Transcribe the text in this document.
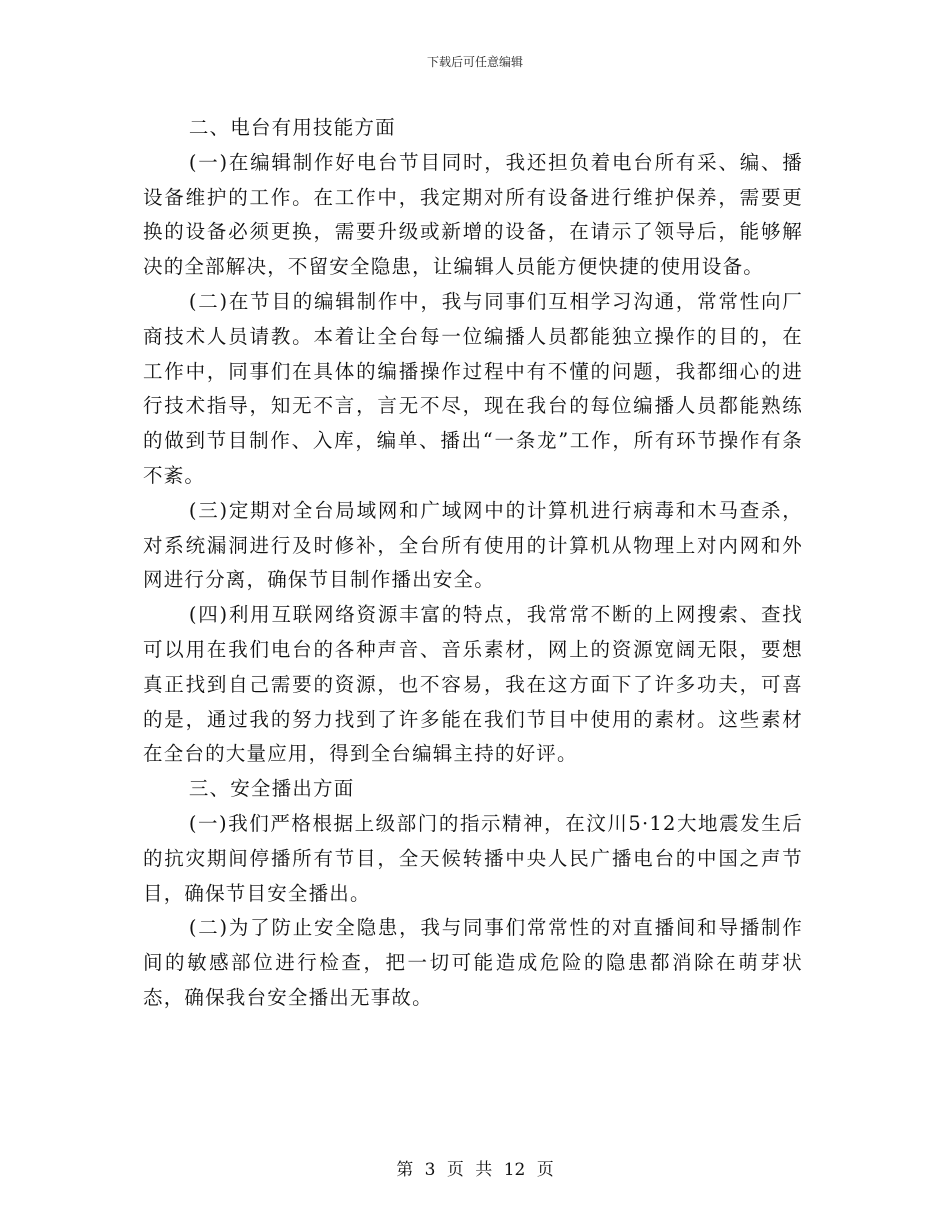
下载后可任意编辑

二、电台有用技能方面

(一)在编辑制作好电台节目同时，我还担负着电台所有采、编、播设备维护的工作。在工作中，我定期对所有设备进行维护保养，需要更换的设备必须更换，需要升级或新增的设备，在请示了领导后，能够解决的全部解决，不留安全隐患，让编辑人员能方便快捷的使用设备。

(二)在节目的编辑制作中，我与同事们互相学习沟通，常常性向厂商技术人员请教。本着让全台每一位编播人员都能独立操作的目的，在工作中，同事们在具体的编播操作过程中有不懂的问题，我都细心的进行技术指导，知无不言，言无不尽，现在我台的每位编播人员都能熟练的做到节目制作、入库，编单、播出“一条龙”工作，所有环节操作有条不紊。

(三)定期对全台局域网和广域网中的计算机进行病毒和木马查杀，对系统漏洞进行及时修补，全台所有使用的计算机从物理上对内网和外网进行分离，确保节目制作播出安全。

(四)利用互联网络资源丰富的特点，我常常不断的上网搜索、查找可以用在我们电台的各种声音、音乐素材，网上的资源宽阔无限，要想真正找到自己需要的资源，也不容易，我在这方面下了许多功夫，可喜的是，通过我的努力找到了许多能在我们节目中使用的素材。这些素材在全台的大量应用，得到全台编辑主持的好评。

三、安全播出方面

(一)我们严格根据上级部门的指示精神，在汶川5·12大地震发生后的抗灾期间停播所有节目，全天候转播中央人民广播电台的中国之声节目，确保节目安全播出。

(二)为了防止安全隐患，我与同事们常常性的对直播间和导播制作间的敏感部位进行检查，把一切可能造成危险的隐患都消除在萌芽状态，确保我台安全播出无事故。

第 3 页 共 12 页
